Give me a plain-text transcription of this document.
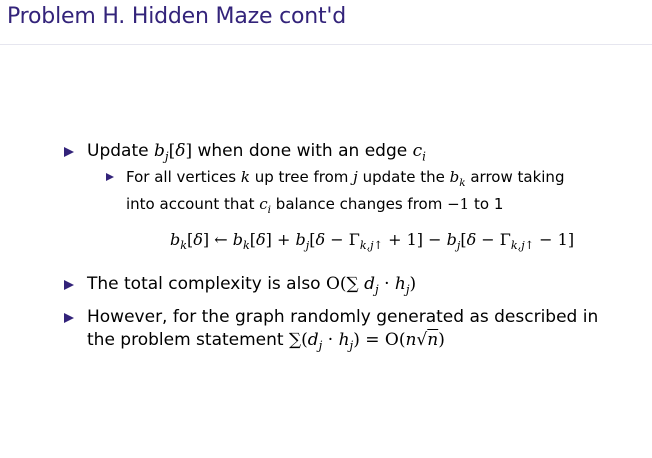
Problem H. Hidden Maze cont'd
Update $b_j[\delta]$ when done with an edge $c_i$
For all vertices k up tree from j update the $b_k$ arrow taking
into account that $c_i$ balance changes from −1 to 1
$b_k[\delta]$ ← $b_k[\delta] + b_j[\delta - \Gamma_{k,j↑} + 1] - b_j[\delta - \Gamma_{k,j↑} - 1]$
The total complexity is also O(∑ $d_j \cdot h_j$)
However, for the graph randomly generated as described in
the problem statement $\sum(d_j \cdot h_j) = O(n√n)$
